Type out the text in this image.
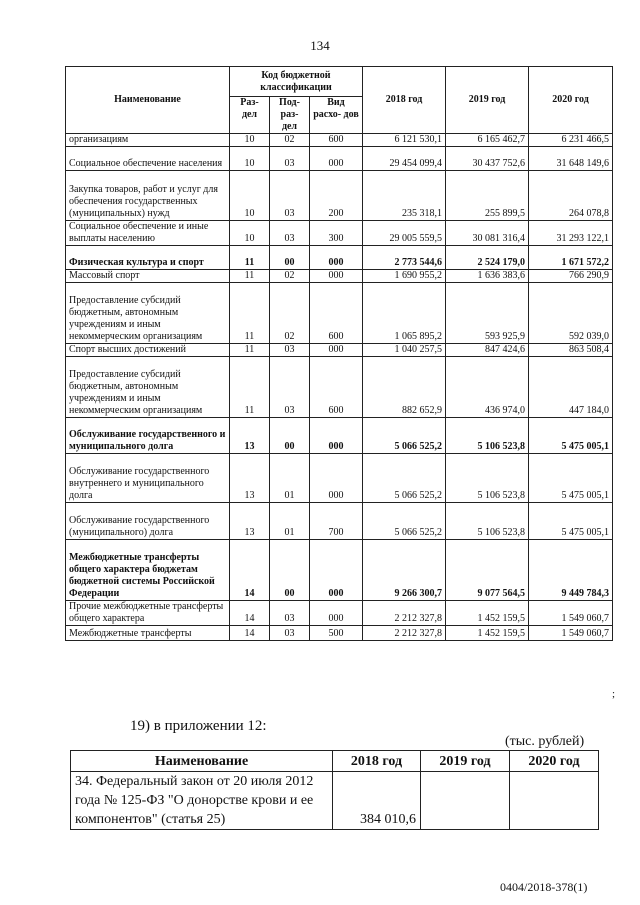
134
Наименование	Код бюджетной классификации			2018 год	2019 год	2020 год
	Раз- дел	Под- раз- дел	Вид расхо- дов			
организациям	10	02	600	6 121 530,1	6 165 462,7	6 231 466,5
Социальное обеспечение населения	10	03	000	29 454 099,4	30 437 752,6	31 648 149,6
Закупка товаров, работ и услуг для обеспечения государственных (муниципальных) нужд	10	03	200	235 318,1	255 899,5	264 078,8
Социальное обеспечение и иные выплаты населению	10	03	300	29 005 559,5	30 081 316,4	31 293 122,1
Физическая культура и спорт	11	00	000	2 773 544,6	2 524 179,0	1 671 572,2
Массовый спорт	11	02	000	1 690 955,2	1 636 383,6	766 290,9
Предоставление субсидий бюджетным, автономным учреждениям и иным некоммерческим организациям	11	02	600	1 065 895,2	593 925,9	592 039,0
Спорт высших достижений	11	03	000	1 040 257,5	847 424,6	863 508,4
Предоставление субсидий бюджетным, автономным учреждениям и иным некоммерческим организациям	11	03	600	882 652,9	436 974,0	447 184,0
Обслуживание государственного и муниципального долга	13	00	000	5 066 525,2	5 106 523,8	5 475 005,1
Обслуживание государственного внутреннего и муниципального долга	13	01	000	5 066 525,2	5 106 523,8	5 475 005,1
Обслуживание государственного (муниципального) долга	13	01	700	5 066 525,2	5 106 523,8	5 475 005,1
Межбюджетные трансферты общего характера бюджетам бюджетной системы Российской Федерации	14	00	000	9 266 300,7	9 077 564,5	9 449 784,3
Прочие межбюджетные трансферты общего характера	14	03	000	2 212 327,8	1 452 159,5	1 549 060,7
Межбюджетные трансферты	14	03	500	2 212 327,8	1 452 159,5	1 549 060,7
;
19) в приложении 12:
(тыс. рублей)
Наименование	2018 год	2019 год	2020 год
34. Федеральный закон от 20 июля 2012 года № 125-ФЗ "О донорстве крови и ее компонентов" (статья 25)	384 010,6		
0404/2018-378(1)
